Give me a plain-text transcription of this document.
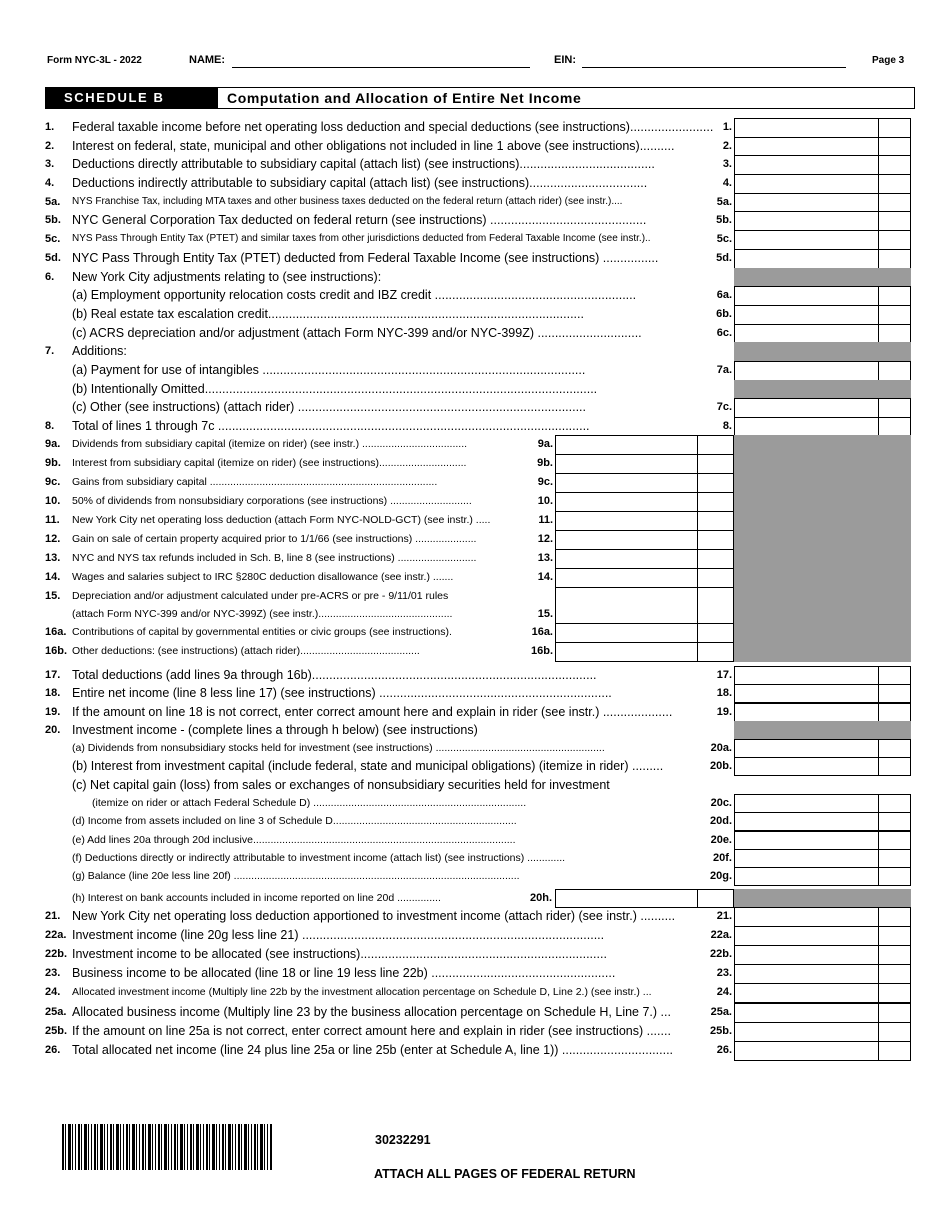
Form NYC-3L - 2022	NAME:	EIN:	Page 3
SCHEDULE B	Computation and Allocation of Entire Net Income
1. Federal taxable income before net operating loss deduction and special deductions (see instructions)........................ 1.
2. Interest on federal, state, municipal and other obligations not included in line 1 above (see instructions)..........	2.
3. Deductions directly attributable to subsidiary capital (attach list) (see instructions).......................................	3.
4. Deductions indirectly attributable to subsidiary capital (attach list) (see instructions)..................................	4.
5a. NYS Franchise Tax, including MTA taxes and other business taxes deducted on the federal return (attach rider) (see instr.)....	5a.
5b. NYC General Corporation Tax deducted on federal return (see instructions) .............................................	5b.
5c. NYS Pass Through Entity Tax (PTET) and similar taxes from other jurisdictions deducted from Federal Taxable Income (see instr.)..	5c.
5d. NYC Pass Through Entity Tax (PTET) deducted from Federal Taxable Income (see instructions) ................	5d.
6. New York City adjustments relating to (see instructions):
(a) Employment opportunity relocation costs credit and IBZ credit ..........................................................	6a.
(b) Real estate tax escalation credit...........................................................................................	6b.
(c) ACRS depreciation and/or adjustment (attach Form NYC-399 and/or NYC-399Z) ..............................	6c.
7. Additions:
(a) Payment for use of intangibles .............................................................................................	7a.
(b) Intentionally Omitted.................................................................................................................
(c) Other (see instructions) (attach rider) ...................................................................................	7c.
8. Total of lines 1 through 7c ...........................................................................................................	8.
9a. Dividends from subsidiary capital (itemize on rider) (see instr.) ....................................	9a.
9b. Interest from subsidiary capital (itemize on rider) (see instructions)..............................	9b.
9c. Gains from subsidiary capital ..............................................................................	9c.
10. 50% of dividends from nonsubsidiary corporations (see instructions) ............................	10.
11. New York City net operating loss deduction (attach Form NYC-NOLD-GCT) (see instr.) .....	11.
12. Gain on sale of certain property acquired prior to 1/1/66 (see instructions) .....................	12.
13. NYC and NYS tax refunds included in Sch. B, line 8 (see instructions) ...........................	13.
14. Wages and salaries subject to IRC §280C deduction disallowance (see instr.) .......	14.
15. Depreciation and/or adjustment calculated under pre-ACRS or pre - 9/11/01 rules
(attach Form NYC-399 and/or NYC-399Z) (see instr.)..............................................	15.
16a. Contributions of capital by governmental entities or civic groups (see instructions).	16a.
16b. Other deductions: (see instructions) (attach rider).........................................	16b.
17. Total deductions (add lines 9a through 16b)..................................................................................	17.
18. Entire net income (line 8 less line 17) (see instructions) ...................................................................	18.
19. If the amount on line 18 is not correct, enter correct amount here and explain in rider (see instr.) ....................	19.
20. Investment income - (complete lines a through h below) (see instructions)
(a) Dividends from nonsubsidiary stocks held for investment (see instructions) ..........................................................	20a.
(b) Interest from investment capital (include federal, state and municipal obligations) (itemize in rider) .........	20b.
(c) Net capital gain (loss) from sales or exchanges of nonsubsidiary securities held for investment
(itemize on rider or attach Federal Schedule D) .........................................................................	20c.
(d) Income from assets included on line 3 of Schedule D...............................................................	20d.
(e) Add lines 20a through 20d inclusive..........................................................................................	20e.
(f) Deductions directly or indirectly attributable to investment income (attach list) (see instructions) .............	20f.
(g) Balance (line 20e less line 20f) ..................................................................................................	20g.
(h) Interest on bank accounts included in income reported on line 20d ...............	20h.
21. New York City net operating loss deduction apportioned to investment income (attach rider) (see instr.) ..........	21.
22a. Investment income (line 20g less line 21) .......................................................................................	22a.
22b. Investment income to be allocated (see instructions).......................................................................	22b.
23. Business income to be allocated (line 18 or line 19 less line 22b) .....................................................	23.
24. Allocated investment income (Multiply line 22b by the investment allocation percentage on Schedule D, Line 2.) (see instr.) ...	24.
25a. Allocated business income (Multiply line 23 by the business allocation percentage on Schedule H, Line 7.) ...	25a.
25b. If the amount on line 25a is not correct, enter correct amount here and explain in rider (see instructions) .......	25b.
26. Total allocated net income (line 24 plus line 25a or line 25b (enter at Schedule A, line 1)) ................................	26.
30232291
ATTACH ALL PAGES OF FEDERAL RETURN
